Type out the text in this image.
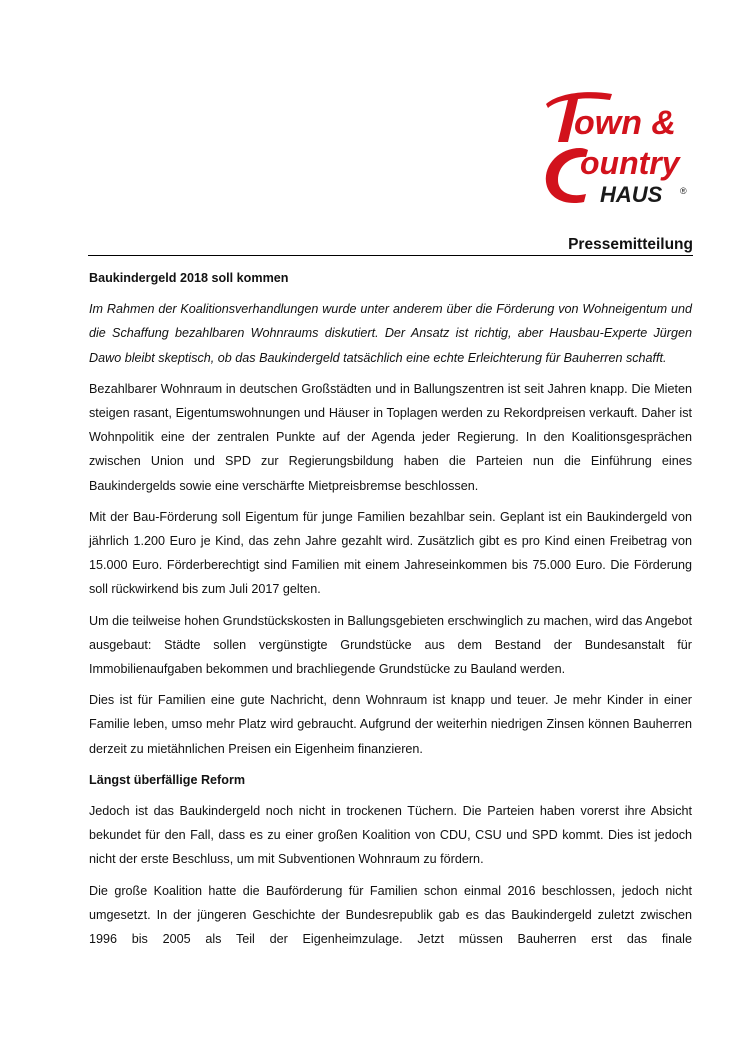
own &
ountry
HAUS ®
Pressemitteilung
Baukindergeld 2018 soll kommen

Im Rahmen der Koalitionsverhandlungen wurde unter anderem über die Förderung von Wohneigentum und die Schaffung bezahlbaren Wohnraums diskutiert. Der Ansatz ist richtig, aber Hausbau-Experte Jürgen Dawo bleibt skeptisch, ob das Baukindergeld tatsächlich eine echte Erleichterung für Bauherren schafft.

Bezahlbarer Wohnraum in deutschen Großstädten und in Ballungszentren ist seit Jahren knapp. Die Mieten steigen rasant, Eigentumswohnungen und Häuser in Toplagen werden zu Rekordpreisen verkauft. Daher ist Wohnpolitik eine der zentralen Punkte auf der Agenda jeder Regierung. In den Koalitionsgesprächen zwischen Union und SPD zur Regierungsbildung haben die Parteien nun die Einführung eines Baukindergelds sowie eine verschärfte Mietpreisbremse beschlossen.

Mit der Bau-Förderung soll Eigentum für junge Familien bezahlbar sein. Geplant ist ein Baukindergeld von jährlich 1.200 Euro je Kind, das zehn Jahre gezahlt wird. Zusätzlich gibt es pro Kind einen Freibetrag von 15.000 Euro. Förderberechtigt sind Familien mit einem Jahreseinkommen bis 75.000 Euro. Die Förderung soll rückwirkend bis zum Juli 2017 gelten.

Um die teilweise hohen Grundstückskosten in Ballungsgebieten erschwinglich zu machen, wird das Angebot ausgebaut: Städte sollen vergünstigte Grundstücke aus dem Bestand der Bundesanstalt für Immobilienaufgaben bekommen und brachliegende Grundstücke zu Bauland werden.

Dies ist für Familien eine gute Nachricht, denn Wohnraum ist knapp und teuer. Je mehr Kinder in einer Familie leben, umso mehr Platz wird gebraucht. Aufgrund der weiterhin niedrigen Zinsen können Bauherren derzeit zu mietähnlichen Preisen ein Eigenheim finanzieren.

Längst überfällige Reform

Jedoch ist das Baukindergeld noch nicht in trockenen Tüchern. Die Parteien haben vorerst ihre Absicht bekundet für den Fall, dass es zu einer großen Koalition von CDU, CSU und SPD kommt. Dies ist jedoch nicht der erste Beschluss, um mit Subventionen Wohnraum zu fördern.

Die große Koalition hatte die Bauförderung für Familien schon einmal 2016 beschlossen, jedoch nicht umgesetzt. In der jüngeren Geschichte der Bundesrepublik gab es das Baukindergeld zuletzt zwischen 1996 bis 2005 als Teil der Eigenheimzulage. Jetzt müssen Bauherren erst das finale
